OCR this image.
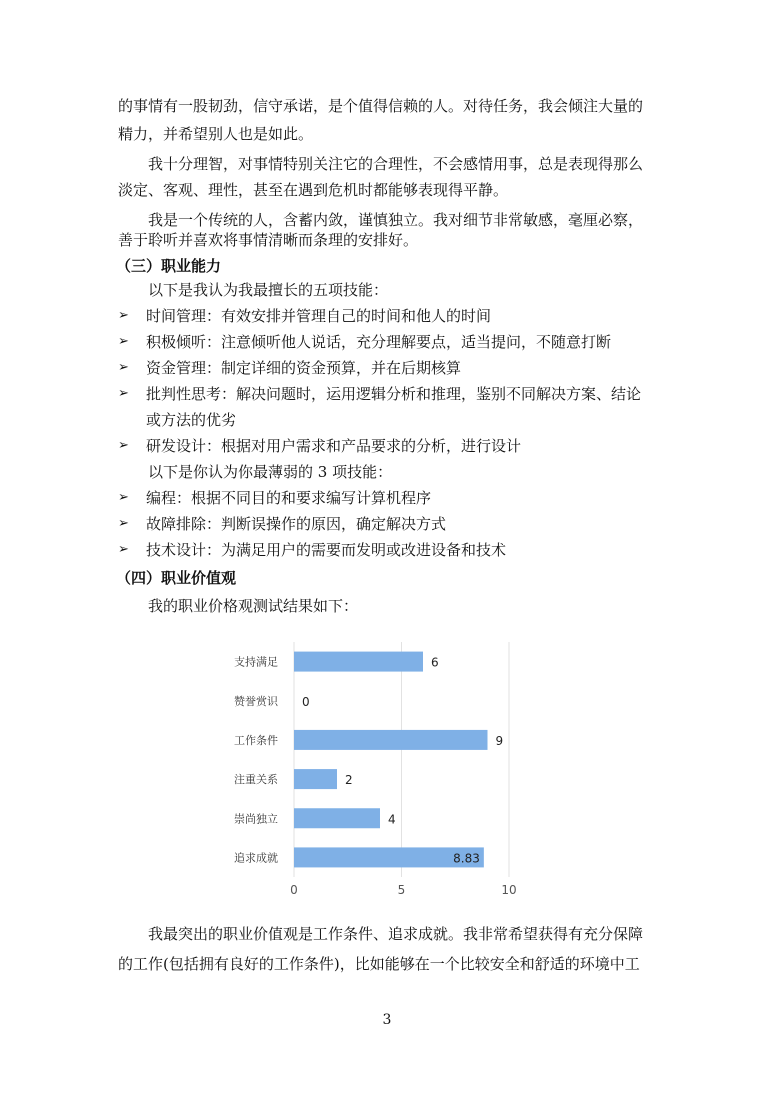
的事情有一股韧劲，信守承诺，是个值得信赖的人。对待任务，我会倾注大量的
精力，并希望别人也是如此。
我十分理智，对事情特别关注它的合理性，不会感情用事，总是表现得那么
淡定、客观、理性，甚至在遇到危机时都能够表现得平静。
我是一个传统的人，含蓄内敛，谨慎独立。我对细节非常敏感，毫厘必察，
善于聆听并喜欢将事情清晰而条理的安排好。
（三）职业能力
以下是我认为我最擅长的五项技能：
➢ 时间管理：有效安排并管理自己的时间和他人的时间
➢ 积极倾听：注意倾听他人说话，充分理解要点，适当提问，不随意打断
➢ 资金管理：制定详细的资金预算，并在后期核算
➢ 批判性思考：解决问题时，运用逻辑分析和推理，鉴别不同解决方案、结论
或方法的优劣
➢ 研发设计：根据对用户需求和产品要求的分析，进行设计
以下是你认为你最薄弱的 3 项技能：
➢ 编程：根据不同目的和要求编写计算机程序
➢ 故障排除：判断误操作的原因，确定解决方式
➢ 技术设计：为满足用户的需要而发明或改进设备和技术
（四）职业价值观
我的职业价格观测试结果如下：
0	5	10
支持满足	6
赞誉赏识 0
工作条件	9
注重关系	2
崇尚独立	4
追求成就	8.83
我最突出的职业价值观是工作条件、追求成就。我非常希望获得有充分保障
的工作(包括拥有良好的工作条件)，比如能够在一个比较安全和舒适的环境中工
3
